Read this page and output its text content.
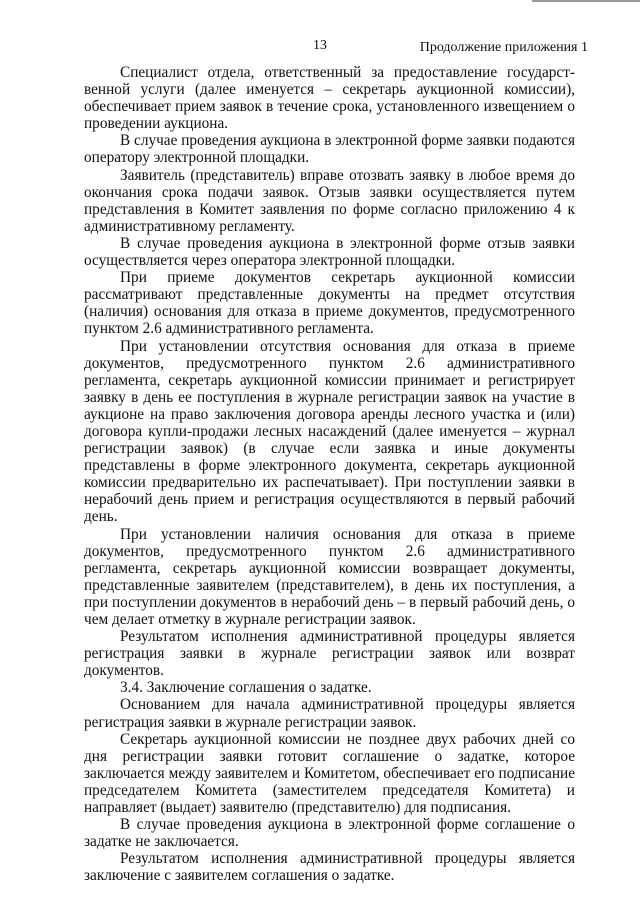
13	Продолжение приложения 1

Специалист отдела, ответственный за предоставление государст-венной услуги (далее именуется – секретарь аукционной комиссии), обеспечивает прием заявок в течение срока, установленного извещением о проведении аукциона.

В случае проведения аукциона в электронной форме заявки подаются оператору электронной площадки.

Заявитель (представитель) вправе отозвать заявку в любое время до окончания срока подачи заявок. Отзыв заявки осуществляется путем представления в Комитет заявления по форме согласно приложению 4 к административному регламенту.

В случае проведения аукциона в электронной форме отзыв заявки осуществляется через оператора электронной площадки.

При приеме документов секретарь аукционной комиссии рассматривают представленные документы на предмет отсутствия (наличия) основания для отказа в приеме документов, предусмотренного пунктом 2.6 административного регламента.

При установлении отсутствия основания для отказа в приеме документов, предусмотренного пунктом 2.6 административного регламента, секретарь аукционной комиссии принимает и регистрирует заявку в день ее поступления в журнале регистрации заявок на участие в аукционе на право заключения договора аренды лесного участка и (или) договора купли-продажи лесных насаждений (далее именуется – журнал регистрации заявок) (в случае если заявка и иные документы представлены в форме электронного документа, секретарь аукционной комиссии предварительно их распечатывает). При поступлении заявки в нерабочий день прием и регистрация осуществляются в первый рабочий день.

При установлении наличия основания для отказа в приеме документов, предусмотренного пунктом 2.6 административного регламента, секретарь аукционной комиссии возвращает документы, представленные заявителем (представителем), в день их поступления, а при поступлении документов в нерабочий день – в первый рабочий день, о чем делает отметку в журнале регистрации заявок.

Результатом исполнения административной процедуры является регистрация заявки в журнале регистрации заявок или возврат документов.

3.4. Заключение соглашения о задатке.

Основанием для начала административной процедуры является регистрация заявки в журнале регистрации заявок.

Секретарь аукционной комиссии не позднее двух рабочих дней со дня регистрации заявки готовит соглашение о задатке, которое заключается между заявителем и Комитетом, обеспечивает его подписание председателем Комитета (заместителем председателя Комитета) и направляет (выдает) заявителю (представителю) для подписания.

В случае проведения аукциона в электронной форме соглашение о задатке не заключается.

Результатом исполнения административной процедуры является заключение с заявителем соглашения о задатке.
